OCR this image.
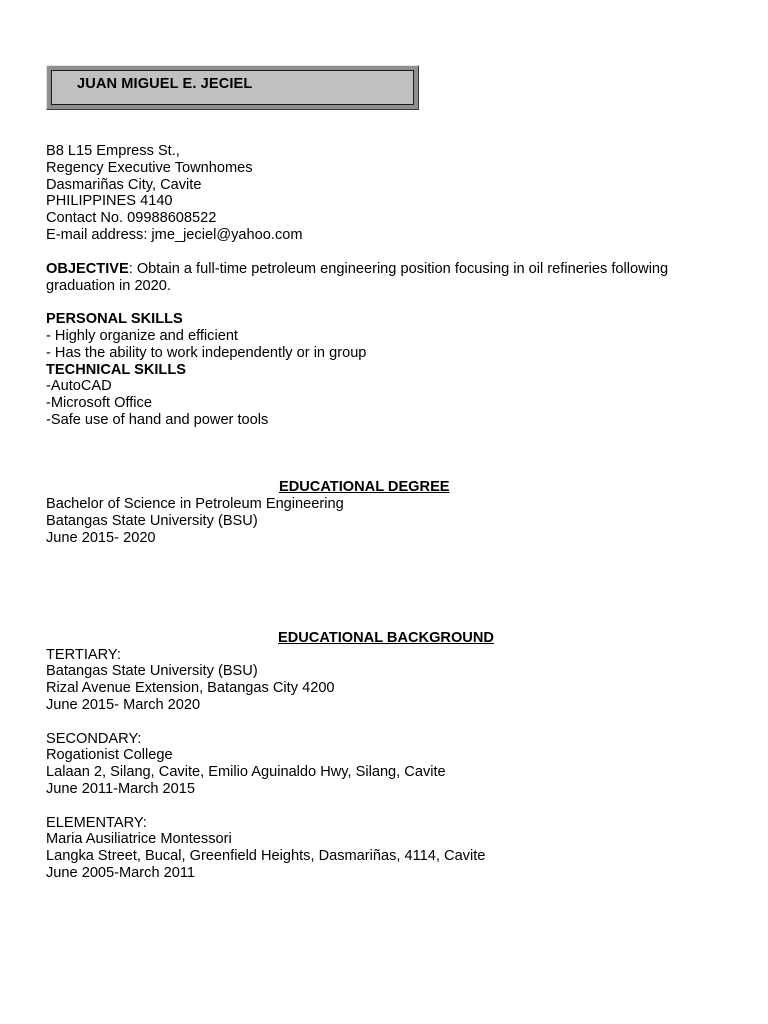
JUAN MIGUEL E. JECIEL
B8 L15 Empress St.,
Regency Executive Townhomes
Dasmariñas City, Cavite
PHILIPPINES 4140
Contact No. 09988608522
E-mail address: jme_jeciel@yahoo.com
OBJECTIVE: Obtain a full-time petroleum engineering position focusing in oil refineries following graduation in 2020.
PERSONAL SKILLS
- Highly organize and efficient
- Has the ability to work independently or in group
TECHNICAL SKILLS
-AutoCAD
-Microsoft Office
-Safe use of hand and power tools
EDUCATIONAL DEGREE
Bachelor of Science in Petroleum Engineering
Batangas State University (BSU)
June 2015- 2020
EDUCATIONAL BACKGROUND
TERTIARY:
Batangas State University (BSU)
Rizal Avenue Extension, Batangas City 4200
June 2015- March 2020
SECONDARY:
Rogationist College
Lalaan 2, Silang, Cavite, Emilio Aguinaldo Hwy, Silang, Cavite
June 2011-March 2015
ELEMENTARY:
Maria Ausiliatrice Montessori
Langka Street, Bucal, Greenfield Heights, Dasmariñas, 4114, Cavite
June 2005-March 2011
